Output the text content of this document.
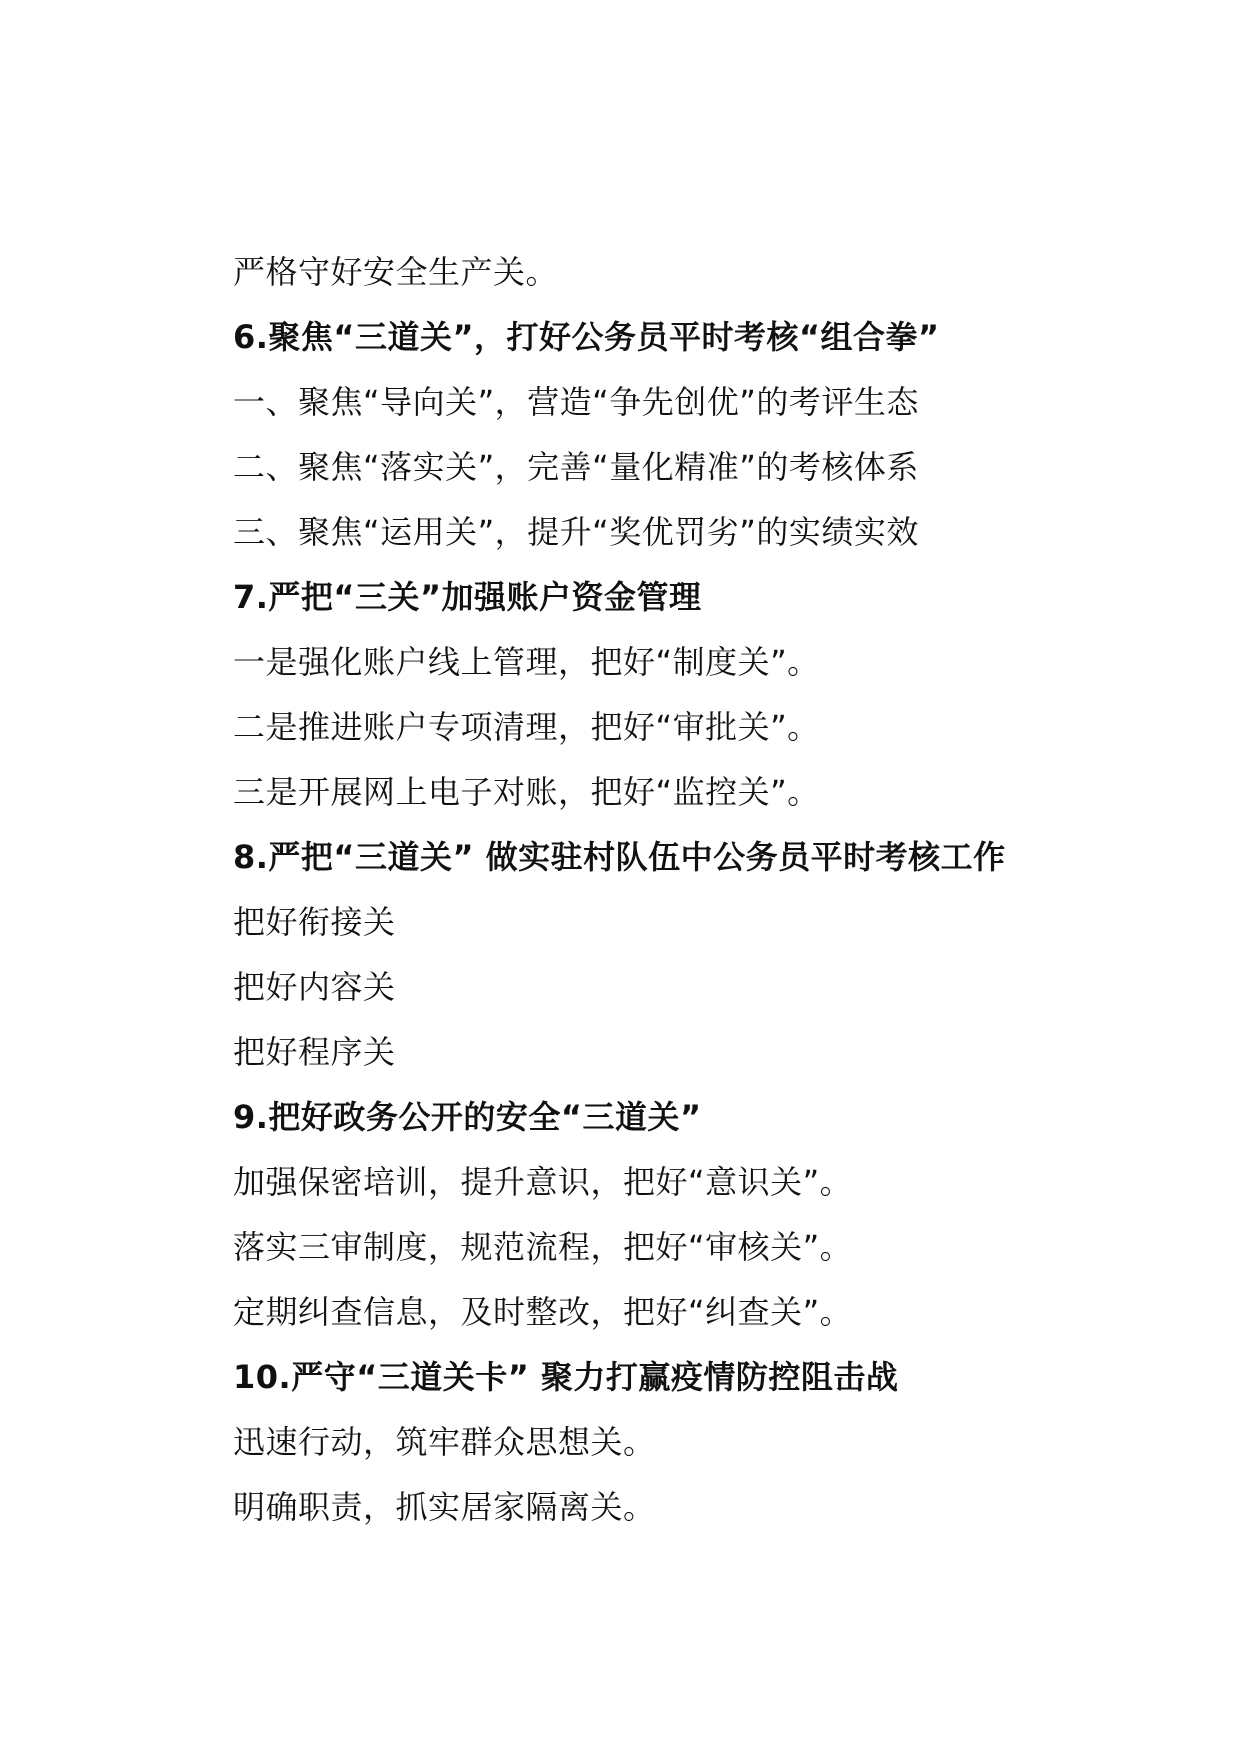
严格守好安全生产关。
6.聚焦“三道关”，打好公务员平时考核“组合拳”
一、聚焦“导向关”，营造“争先创优”的考评生态
二、聚焦“落实关”，完善“量化精准”的考核体系
三、聚焦“运用关”，提升“奖优罚劣”的实绩实效
7.严把“三关”加强账户资金管理
一是强化账户线上管理，把好“制度关”。
二是推进账户专项清理，把好“审批关”。
三是开展网上电子对账，把好“监控关”。
8.严把“三道关” 做实驻村队伍中公务员平时考核工作
把好衔接关
把好内容关
把好程序关
9.把好政务公开的安全“三道关”
加强保密培训，提升意识，把好“意识关”。
落实三审制度，规范流程，把好“审核关”。
定期纠查信息，及时整改，把好“纠查关”。
10.严守“三道关卡” 聚力打赢疫情防控阻击战
迅速行动，筑牢群众思想关。
明确职责，抓实居家隔离关。
